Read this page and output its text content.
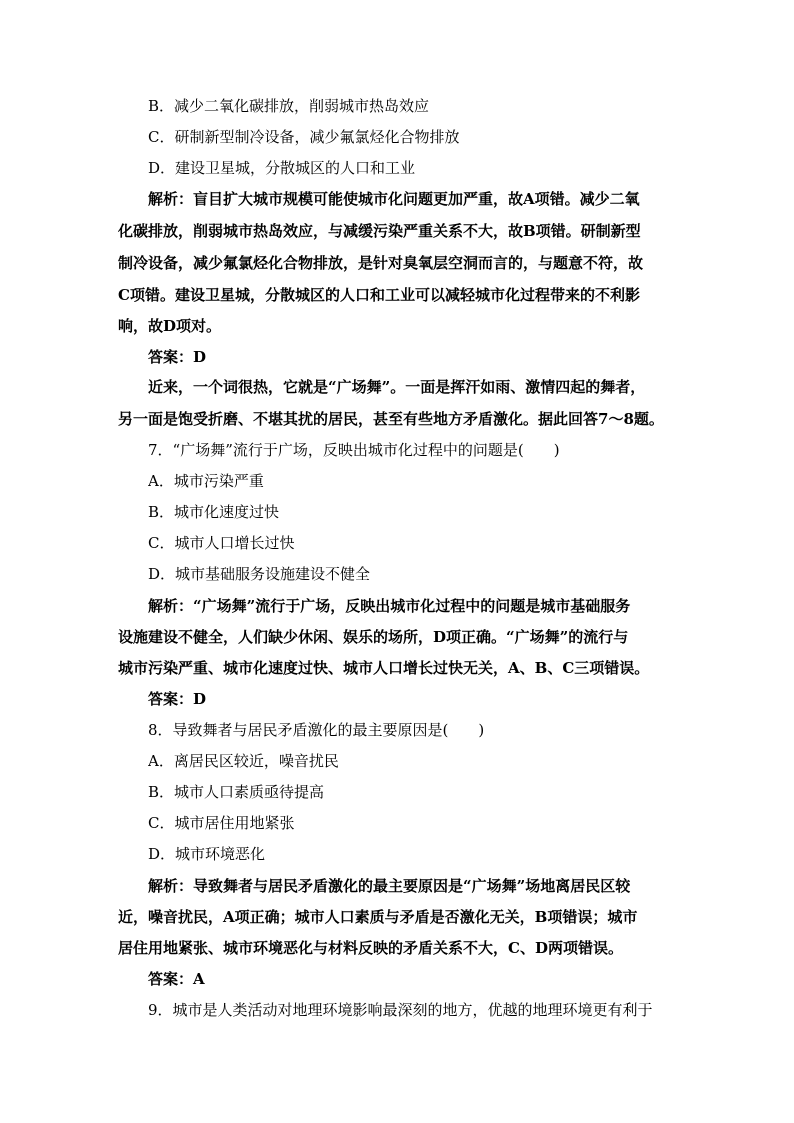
B．减少二氧化碳排放，削弱城市热岛效应
C．研制新型制冷设备，减少氟氯烃化合物排放
D．建设卫星城，分散城区的人口和工业
解析：盲目扩大城市规模可能使城市化问题更加严重，故A项错。减少二氧
化碳排放，削弱城市热岛效应，与减缓污染严重关系不大，故B项错。研制新型
制冷设备，减少氟氯烃化合物排放，是针对臭氧层空洞而言的，与题意不符，故
C项错。建设卫星城，分散城区的人口和工业可以减轻城市化过程带来的不利影
响，故D项对。
答案：D
近来，一个词很热，它就是“广场舞”。一面是挥汗如雨、激情四起的舞者，
另一面是饱受折磨、不堪其扰的居民，甚至有些地方矛盾激化。据此回答7～8题。
7．“广场舞”流行于广场，反映出城市化过程中的问题是(　　)
A．城市污染严重
B．城市化速度过快
C．城市人口增长过快
D．城市基础服务设施建设不健全
解析：“广场舞”流行于广场，反映出城市化过程中的问题是城市基础服务
设施建设不健全，人们缺少休闲、娱乐的场所，D项正确。“广场舞”的流行与
城市污染严重、城市化速度过快、城市人口增长过快无关，A、B、C三项错误。
答案：D
8．导致舞者与居民矛盾激化的最主要原因是(　　)
A．离居民区较近，噪音扰民
B．城市人口素质亟待提高
C．城市居住用地紧张
D．城市环境恶化
解析：导致舞者与居民矛盾激化的最主要原因是“广场舞”场地离居民区较
近，噪音扰民，A项正确；城市人口素质与矛盾是否激化无关，B项错误；城市
居住用地紧张、城市环境恶化与材料反映的矛盾关系不大，C、D两项错误。
答案：A
9．城市是人类活动对地理环境影响最深刻的地方，优越的地理环境更有利于
